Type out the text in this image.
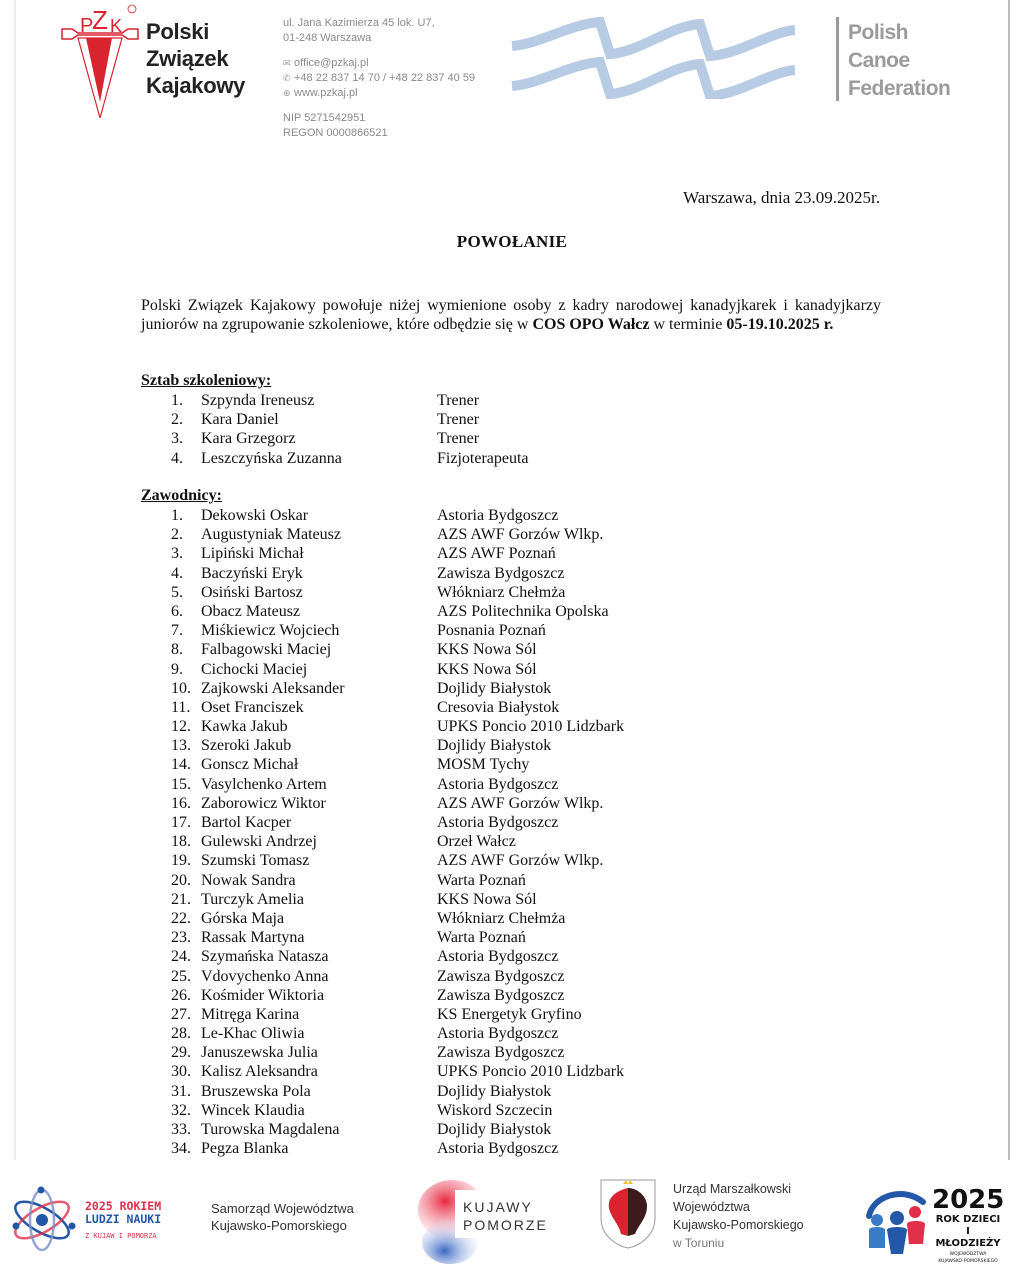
P
Z K Polski
Związek
Kajakowy
ul. Jana Kazimierza 45 lok. U7,
01-248 Warszawa
✉ office@pzkaj.pl
✆ +48 22 837 14 70 / +48 22 837 40 59
⊕ www.pzkaj.pl
NIP 5271542951
REGON 0000866521
Polish
Canoe
Federation
Warszawa, dnia 23.09.2025r.
POWOŁANIE
Polski Związek Kajakowy powołuje niżej wymienione osoby z kadry narodowej kanadyjkarek i kanadyjkarzy juniorów na zgrupowanie szkoleniowe, które odbędzie się w COS OPO Wałcz w terminie 05-19.10.2025 r.
Sztab szkoleniowy:
1.	Szpynda Ireneusz	Trener
2.	Kara Daniel	Trener
3.	Kara Grzegorz	Trener
4.	Leszczyńska Zuzanna	Fizjoterapeuta
Zawodnicy:
1.	Dekowski Oskar	Astoria Bydgoszcz
2.	Augustyniak Mateusz	AZS AWF Gorzów Wlkp.
3.	Lipiński Michał	AZS AWF Poznań
4.	Baczyński Eryk	Zawisza Bydgoszcz
5.	Osiński Bartosz	Włókniarz Chełmża
6.	Obacz Mateusz	AZS Politechnika Opolska
7.	Miśkiewicz Wojciech	Posnania Poznań
8.	Falbagowski Maciej	KKS Nowa Sól
9.	Cichocki Maciej	KKS Nowa Sól
10. Zajkowski Aleksander	Dojlidy Białystok
11. Oset Franciszek	Cresovia Białystok
12. Kawka Jakub	UPKS Poncio 2010 Lidzbark
13. Szeroki Jakub	Dojlidy Białystok
14. Gonscz Michał	MOSM Tychy
15. Vasylchenko Artem	Astoria Bydgoszcz
16. Zaborowicz Wiktor	AZS AWF Gorzów Wlkp.
17. Bartol Kacper	Astoria Bydgoszcz
18. Gulewski Andrzej	Orzeł Wałcz
19. Szumski Tomasz	AZS AWF Gorzów Wlkp.
20. Nowak Sandra	Warta Poznań
21. Turczyk Amelia	KKS Nowa Sól
22. Górska Maja	Włókniarz Chełmża
23. Rassak Martyna	Warta Poznań
24. Szymańska Natasza	Astoria Bydgoszcz
25. Vdovychenko Anna	Zawisza Bydgoszcz
26. Kośmider Wiktoria	Zawisza Bydgoszcz
27. Mitręga Karina	KS Energetyk Gryfino
28. Le-Khac Oliwia	Astoria Bydgoszcz
29. Januszewska Julia	Zawisza Bydgoszcz
30. Kalisz Aleksandra	UPKS Poncio 2010 Lidzbark
31. Bruszewska Pola	Dojlidy Białystok
32. Wincek Klaudia	Wiskord Szczecin
33. Turowska Magdalena	Dojlidy Białystok
34. Pegza Blanka	Astoria Bydgoszcz
2025 ROKIEM
LUDZI NAUKI
Z KUJAW I POMORZA
Samorząd Województwa
Kujawsko-Pomorskiego
KUJAWY
POMORZE
Urząd Marszałkowski
Województwa
Kujawsko-Pomorskiego
w Toruniu
2025
ROK DZIECI
I MŁODZIEŻY
WOJEWÓDZTWA
KUJAWSKO-POMORSKIEGO
